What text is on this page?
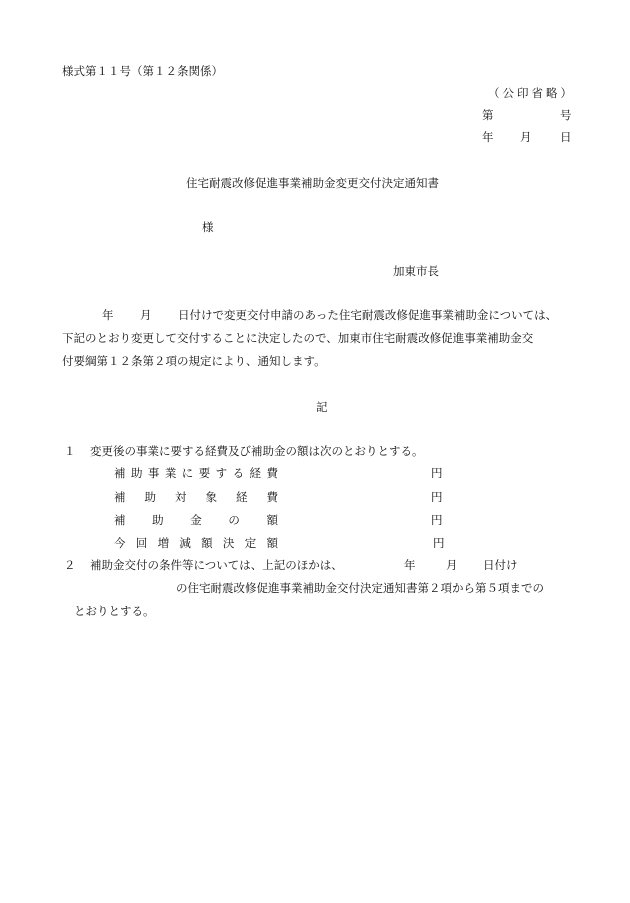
様式第１１号（第１２条関係）
（公印省略）
第	号
年 月 日
住宅耐震改修促進事業補助金変更交付決定通知書
様
加東市長
年 月 日付けで変更交付申請のあった住宅耐震改修促進事業補助金については、
下記のとおり変更して交付することに決定したので、加東市住宅耐震改修促進事業補助金交
付要綱第１２条第２項の規定により、通知します。
記
１ 変更後の事業に要する経費及び補助金の額は次のとおりとする。
補 助 事 業 に 要 す る 経 費	円
補 助 対 象 経 費	円
補 助 金 の 額	円
今 回 増 減 額 決 定 額	円
２ 補助金交付の条件等については、上記のほかは、	年	月 日付け
の住宅耐震改修促進事業補助金交付決定通知書第２項から第５項までの
とおりとする。
